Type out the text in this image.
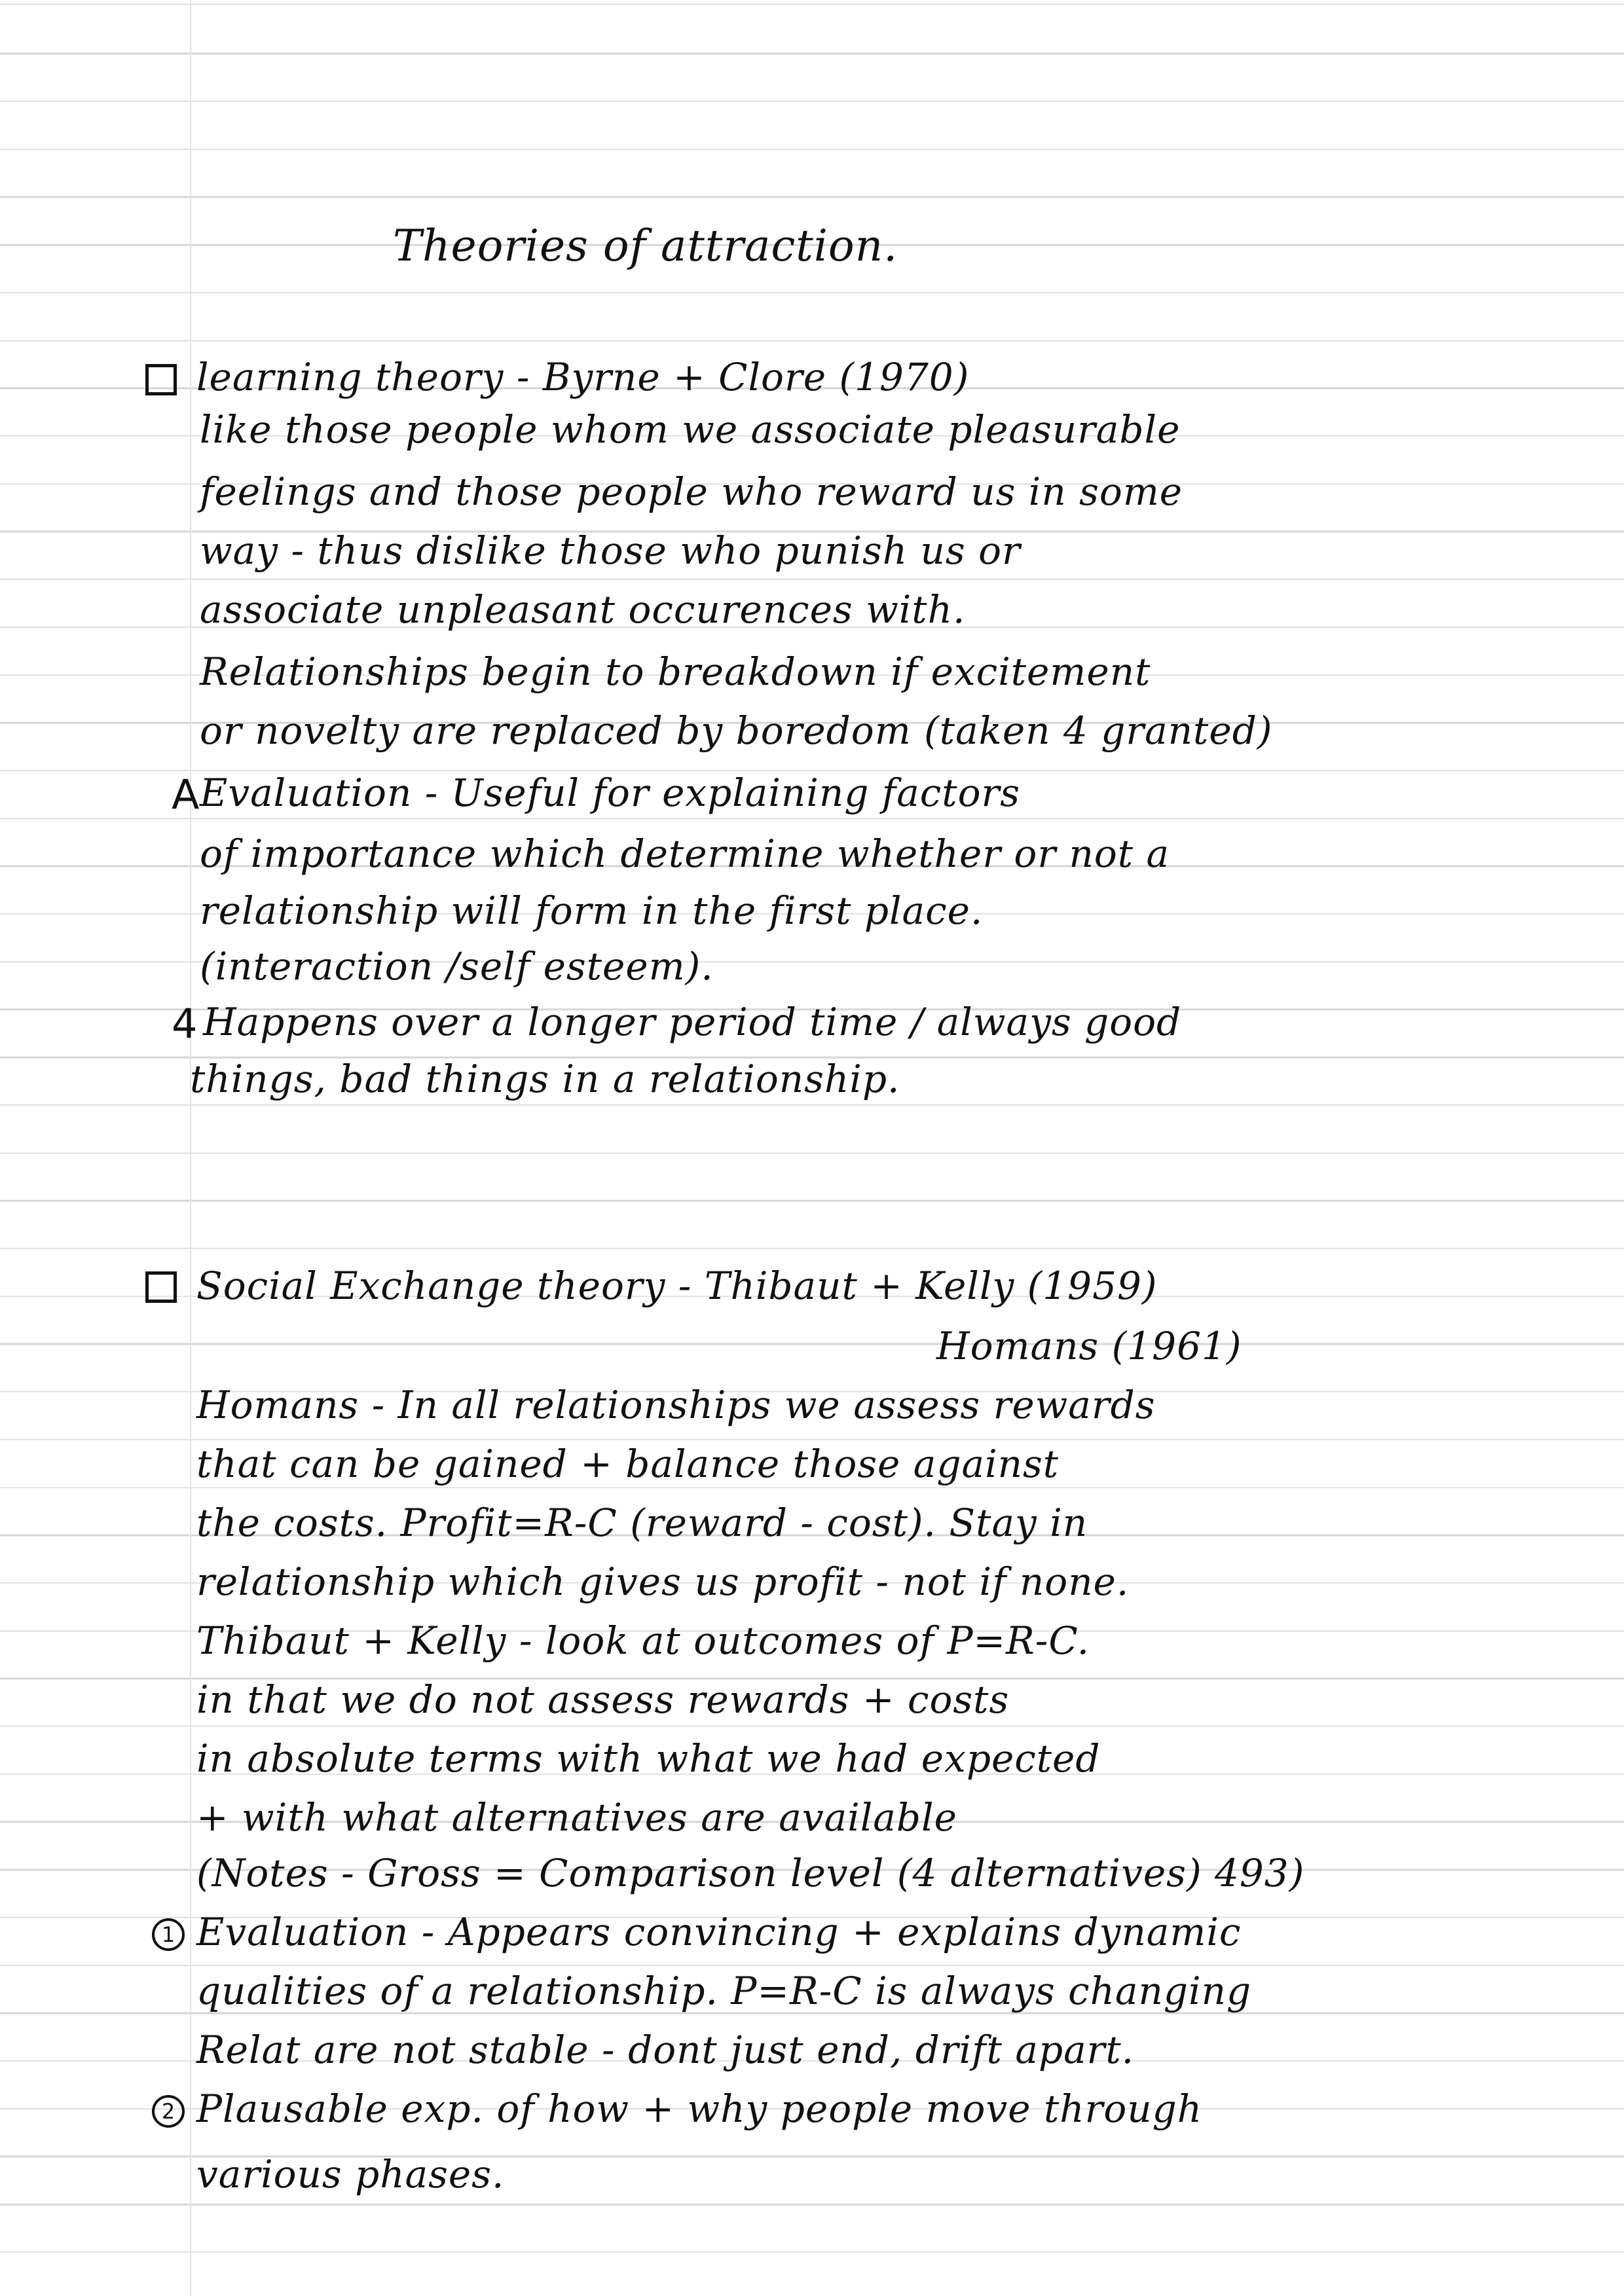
Theories of attraction.
learning theory - Byrne + Clore (1970)
like those people whom we associate pleasurable
feelings and those people who reward us in some
way - thus dislike those who punish us or
associate unpleasant occurences with.
Relationships begin to breakdown if excitement
or novelty are replaced by boredom (taken 4 granted)
A Evaluation - Useful for explaining factors
of importance which determine whether or not a
relationship will form in the first place.
(interaction /self esteem).
4 Happens over a longer period time / always good
things, bad things in a relationship.
Social Exchange theory - Thibaut + Kelly (1959)
Homans (1961)
Homans - In all relationships we assess rewards
that can be gained + balance those against
the costs. Profit=R-C (reward - cost). Stay in
relationship which gives us profit - not if none.
Thibaut + Kelly - look at outcomes of P=R-C.
in that we do not assess rewards + costs
in absolute terms with what we had expected
+ with what alternatives are available
(Notes - Gross = Comparison level (4 alternatives) 493)
1 Evaluation - Appears convincing + explains dynamic
qualities of a relationship. P=R-C is always changing
Relat are not stable - dont just end, drift apart.
2 Plausable exp. of how + why people move through
various phases.
